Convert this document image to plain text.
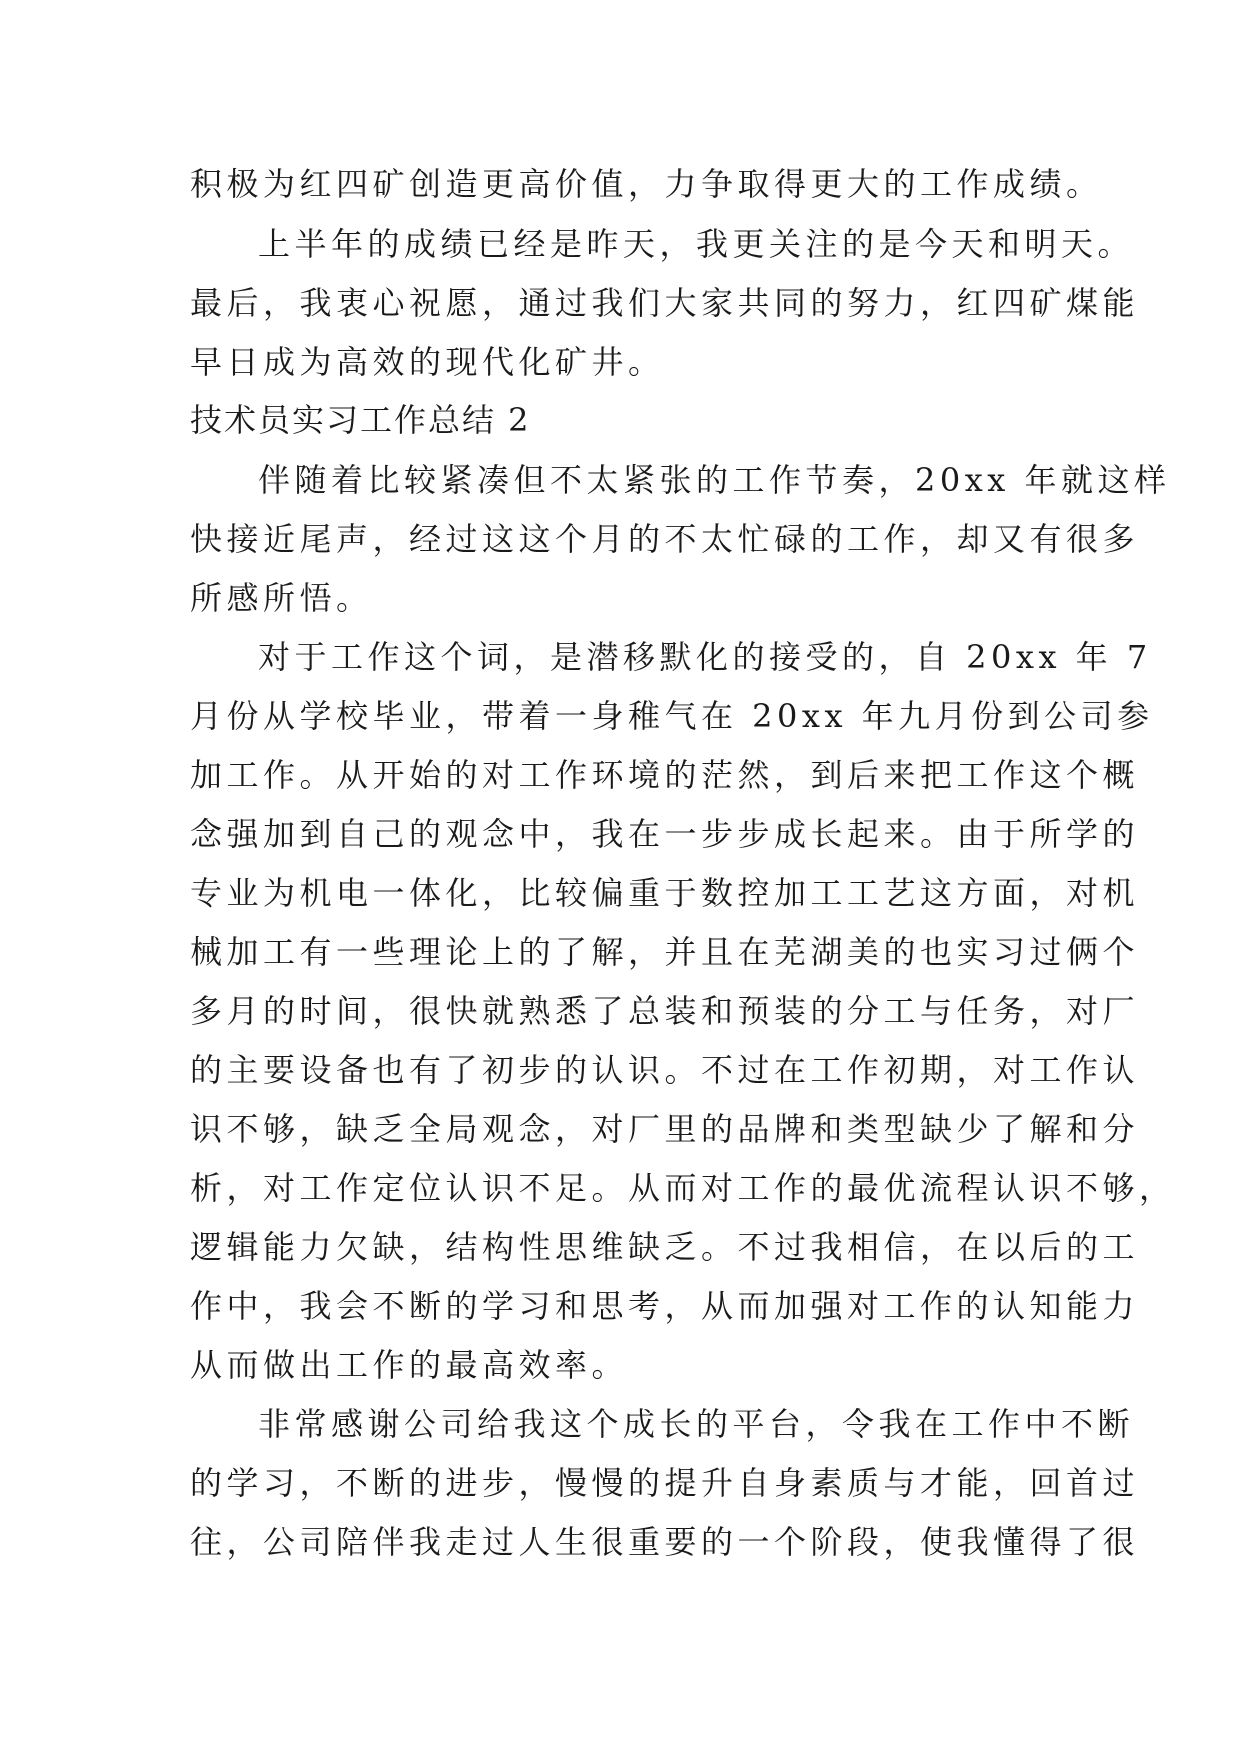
积极为红四矿创造更高价值，力争取得更大的工作成绩。
上半年的成绩已经是昨天，我更关注的是今天和明天。
最后，我衷心祝愿，通过我们大家共同的努力，红四矿煤能
早日成为高效的现代化矿井。
技术员实习工作总结 2
伴随着比较紧凑但不太紧张的工作节奏，20xx 年就这样
快接近尾声，经过这这个月的不太忙碌的工作，却又有很多
所感所悟。
对于工作这个词，是潜移默化的接受的，自 20xx 年 7
月份从学校毕业，带着一身稚气在 20xx 年九月份到公司参
加工作。从开始的对工作环境的茫然，到后来把工作这个概
念强加到自己的观念中，我在一步步成长起来。由于所学的
专业为机电一体化，比较偏重于数控加工工艺这方面，对机
械加工有一些理论上的了解，并且在芜湖美的也实习过俩个
多月的时间，很快就熟悉了总装和预装的分工与任务，对厂
的主要设备也有了初步的认识。不过在工作初期，对工作认
识不够，缺乏全局观念，对厂里的品牌和类型缺少了解和分
析，对工作定位认识不足。从而对工作的最优流程认识不够，
逻辑能力欠缺，结构性思维缺乏。不过我相信，在以后的工
作中，我会不断的学习和思考，从而加强对工作的认知能力
从而做出工作的最高效率。
非常感谢公司给我这个成长的平台，令我在工作中不断
的学习，不断的进步，慢慢的提升自身素质与才能，回首过
往，公司陪伴我走过人生很重要的一个阶段，使我懂得了很
